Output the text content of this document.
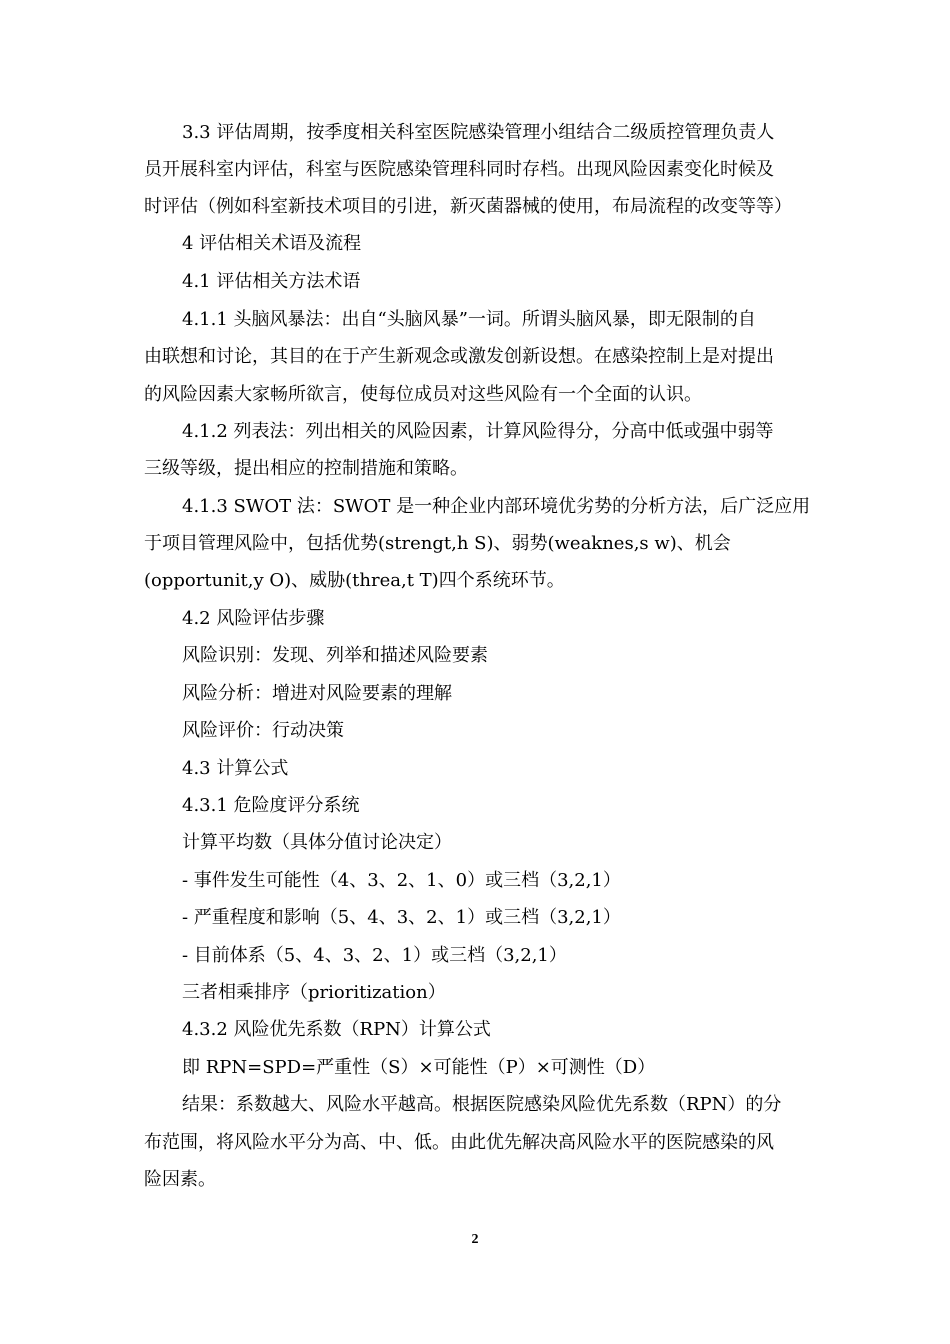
3.3 评估周期，按季度相关科室医院感染管理小组结合二级质控管理负责人
员开展科室内评估，科室与医院感染管理科同时存档。出现风险因素变化时候及
时评估（例如科室新技术项目的引进，新灭菌器械的使用，布局流程的改变等等）
4 评估相关术语及流程
4.1 评估相关方法术语
4.1.1 头脑风暴法：出自“头脑风暴”一词。所谓头脑风暴，即无限制的自
由联想和讨论，其目的在于产生新观念或激发创新设想。在感染控制上是对提出
的风险因素大家畅所欲言，使每位成员对这些风险有一个全面的认识。
4.1.2 列表法：列出相关的风险因素，计算风险得分，分高中低或强中弱等
三级等级，提出相应的控制措施和策略。
4.1.3 SWOT 法：SWOT 是一种企业内部环境优劣势的分析方法，后广泛应用
于项目管理风险中，包括优势(strengt,h S)、弱势(weaknes,s w)、机会
(opportunit,y O)、威胁(threa,t T)四个系统环节。
4.2 风险评估步骤
风险识别：发现、列举和描述风险要素
风险分析：增进对风险要素的理解
风险评价：行动决策
4.3 计算公式
4.3.1 危险度评分系统
计算平均数（具体分值讨论决定）
- 事件发生可能性（4、3、2、1、0）或三档（3,2,1）
- 严重程度和影响（5、4、3、2、1）或三档（3,2,1）
- 目前体系（5、4、3、2、1）或三档（3,2,1）
三者相乘排序（prioritization）
4.3.2 风险优先系数（RPN）计算公式
即 RPN=SPD=严重性（S）×可能性（P）×可测性（D）
结果：系数越大、风险水平越高。根据医院感染风险优先系数（RPN）的分
布范围，将风险水平分为高、中、低。由此优先解决高风险水平的医院感染的风
险因素。
2
